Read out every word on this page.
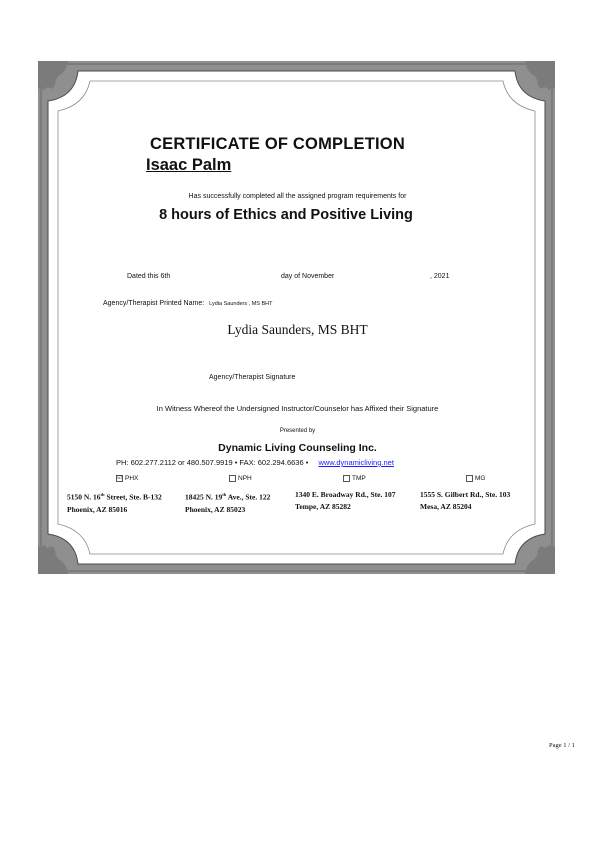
CERTIFICATE OF COMPLETION
Isaac Palm
Has successfully completed all the assigned program requirements for
8 hours of Ethics and Positive Living
Dated this 6th	day of November	, 2021
Agency/Therapist Printed Name: Lydia Saunders , MS BHT
Lydia Saunders, MS BHT
Agency/Therapist Signature
In Witness Whereof the Undersigned Instructor/Counselor has Affixed their Signature
Presented by
Dynamic Living Counseling Inc.
PH: 602.277.2112 or 480.507.9919 • FAX: 602.294.6636 • www.dynamicliving.net
☑ PHX	NPH	TMP	MG
5150 N. 16th Street, Ste. B-132
Phoenix, AZ 85016
18425 N. 19th Ave., Ste. 122
Phoenix, AZ 85023
1340 E. Broadway Rd., Ste. 107
Tempe, AZ 85282
1555 S. Gilbert Rd., Ste. 103
Mesa, AZ 85204
Page 1 / 1
